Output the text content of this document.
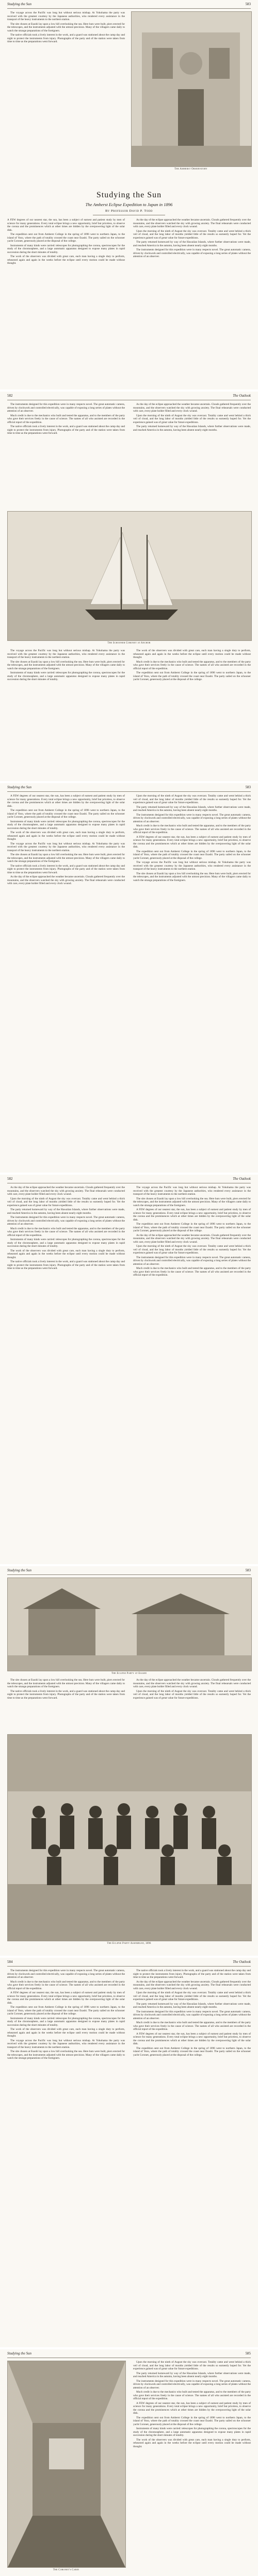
Studying the Sun	583

The voyage across the Pacific was long but without serious mishap. At Yokohama the party was received with the greatest courtesy by the Japanese authorities, who rendered every assistance in the transport of the heavy instruments to the northern station.

The site chosen at Esashi lay upon a low hill overlooking the sea. Here huts were built, piers erected for the telescopes, and the instruments adjusted with the utmost precision. Many of the villagers came daily to watch the strange preparations of the foreigners.

The native officials took a lively interest in the work, and a guard was stationed about the camp day and night to protect the instruments from injury. Photographs of the party and of the station were taken from time to time as the preparations went forward.

The Amherst Observatory
Studying the Sun
The Amherst Eclipse Expedition to Japan in 1896
By Professor David P. Todd

A FEW degrees of our nearest star, the sun, has been a subject of earnest and patient study by men of science for many generations. Every total eclipse brings a new opportunity, brief but priceless, to observe the corona and the prominences which at other times are hidden by the overpowering light of the solar disk.

The expedition sent out from Amherst College in the spring of 1896 went to northern Japan, to the island of Yezo, where the path of totality crossed the coast near Esashi. The party sailed on the schooner yacht Coronet, generously placed at the disposal of the college.

Instruments of many kinds were carried: telescopes for photographing the corona, spectroscopes for the study of the chromosphere, and a large automatic apparatus designed to expose many plates in rapid succession during the short minutes of totality.

The work of the observers was divided with great care, each man having a single duty to perform, rehearsed again and again in the weeks before the eclipse until every motion could be made without thought.

As the day of the eclipse approached the weather became uncertain. Clouds gathered frequently over the mountains, and the observers watched the sky with growing anxiety. The final rehearsals were conducted with care, every plate holder filled and every clock wound.

Upon the morning of the ninth of August the sky was overcast. Totality came and went behind a thick veil of cloud, and the long labor of months yielded little of the results so earnestly hoped for. Yet the experience gained was of great value for future expeditions.

The party returned homeward by way of the Hawaiian Islands, where further observations were made, and reached America in the autumn, having been absent nearly eight months.

The instruments designed for this expedition were in many respects novel. The great automatic camera, driven by clockwork and controlled electrically, was capable of exposing a long series of plates without the attention of an observer.

582	The Outlook

The instruments designed for this expedition were in many respects novel. The great automatic camera, driven by clockwork and controlled electrically, was capable of exposing a long series of plates without the attention of an observer.

Much credit is due to the mechanics who built and tested the apparatus, and to the members of the party who gave their services freely in the cause of science. The names of all who assisted are recorded in the official report of the expedition.

The native officials took a lively interest in the work, and a guard was stationed about the camp day and night to protect the instruments from injury. Photographs of the party and of the station were taken from time to time as the preparations went forward.

As the day of the eclipse approached the weather became uncertain. Clouds gathered frequently over the mountains, and the observers watched the sky with growing anxiety. The final rehearsals were conducted with care, every plate holder filled and every clock wound.

Upon the morning of the ninth of August the sky was overcast. Totality came and went behind a thick veil of cloud, and the long labor of months yielded little of the results so earnestly hoped for. Yet the experience gained was of great value for future expeditions.

The party returned homeward by way of the Hawaiian Islands, where further observations were made, and reached America in the autumn, having been absent nearly eight months.

The Schooner Coronet at Anchor

The voyage across the Pacific was long but without serious mishap. At Yokohama the party was received with the greatest courtesy by the Japanese authorities, who rendered every assistance in the transport of the heavy instruments to the northern station.

The site chosen at Esashi lay upon a low hill overlooking the sea. Here huts were built, piers erected for the telescopes, and the instruments adjusted with the utmost precision. Many of the villagers came daily to watch the strange preparations of the foreigners.

Instruments of many kinds were carried: telescopes for photographing the corona, spectroscopes for the study of the chromosphere, and a large automatic apparatus designed to expose many plates in rapid succession during the short minutes of totality.

The work of the observers was divided with great care, each man having a single duty to perform, rehearsed again and again in the weeks before the eclipse until every motion could be made without thought.

Much credit is due to the mechanics who built and tested the apparatus, and to the members of the party who gave their services freely in the cause of science. The names of all who assisted are recorded in the official report of the expedition.

The expedition sent out from Amherst College in the spring of 1896 went to northern Japan, to the island of Yezo, where the path of totality crossed the coast near Esashi. The party sailed on the schooner yacht Coronet, generously placed at the disposal of the college.

Studying the Sun	583

A FEW degrees of our nearest star, the sun, has been a subject of earnest and patient study by men of science for many generations. Every total eclipse brings a new opportunity, brief but priceless, to observe the corona and the prominences which at other times are hidden by the overpowering light of the solar disk.

The expedition sent out from Amherst College in the spring of 1896 went to northern Japan, to the island of Yezo, where the path of totality crossed the coast near Esashi. The party sailed on the schooner yacht Coronet, generously placed at the disposal of the college.

Instruments of many kinds were carried: telescopes for photographing the corona, spectroscopes for the study of the chromosphere, and a large automatic apparatus designed to expose many plates in rapid succession during the short minutes of totality.

The work of the observers was divided with great care, each man having a single duty to perform, rehearsed again and again in the weeks before the eclipse until every motion could be made without thought.

The voyage across the Pacific was long but without serious mishap. At Yokohama the party was received with the greatest courtesy by the Japanese authorities, who rendered every assistance in the transport of the heavy instruments to the northern station.

The site chosen at Esashi lay upon a low hill overlooking the sea. Here huts were built, piers erected for the telescopes, and the instruments adjusted with the utmost precision. Many of the villagers came daily to watch the strange preparations of the foreigners.

The native officials took a lively interest in the work, and a guard was stationed about the camp day and night to protect the instruments from injury. Photographs of the party and of the station were taken from time to time as the preparations went forward.

As the day of the eclipse approached the weather became uncertain. Clouds gathered frequently over the mountains, and the observers watched the sky with growing anxiety. The final rehearsals were conducted with care, every plate holder filled and every clock wound.

Upon the morning of the ninth of August the sky was overcast. Totality came and went behind a thick veil of cloud, and the long labor of months yielded little of the results so earnestly hoped for. Yet the experience gained was of great value for future expeditions.

The party returned homeward by way of the Hawaiian Islands, where further observations were made, and reached America in the autumn, having been absent nearly eight months.

The instruments designed for this expedition were in many respects novel. The great automatic camera, driven by clockwork and controlled electrically, was capable of exposing a long series of plates without the attention of an observer.

Much credit is due to the mechanics who built and tested the apparatus, and to the members of the party who gave their services freely in the cause of science. The names of all who assisted are recorded in the official report of the expedition.

A FEW degrees of our nearest star, the sun, has been a subject of earnest and patient study by men of science for many generations. Every total eclipse brings a new opportunity, brief but priceless, to observe the corona and the prominences which at other times are hidden by the overpowering light of the solar disk.

The expedition sent out from Amherst College in the spring of 1896 went to northern Japan, to the island of Yezo, where the path of totality crossed the coast near Esashi. The party sailed on the schooner yacht Coronet, generously placed at the disposal of the college.

The voyage across the Pacific was long but without serious mishap. At Yokohama the party was received with the greatest courtesy by the Japanese authorities, who rendered every assistance in the transport of the heavy instruments to the northern station.

The site chosen at Esashi lay upon a low hill overlooking the sea. Here huts were built, piers erected for the telescopes, and the instruments adjusted with the utmost precision. Many of the villagers came daily to watch the strange preparations of the foreigners.

582	The Outlook

As the day of the eclipse approached the weather became uncertain. Clouds gathered frequently over the mountains, and the observers watched the sky with growing anxiety. The final rehearsals were conducted with care, every plate holder filled and every clock wound.

Upon the morning of the ninth of August the sky was overcast. Totality came and went behind a thick veil of cloud, and the long labor of months yielded little of the results so earnestly hoped for. Yet the experience gained was of great value for future expeditions.

The party returned homeward by way of the Hawaiian Islands, where further observations were made, and reached America in the autumn, having been absent nearly eight months.

The instruments designed for this expedition were in many respects novel. The great automatic camera, driven by clockwork and controlled electrically, was capable of exposing a long series of plates without the attention of an observer.

Much credit is due to the mechanics who built and tested the apparatus, and to the members of the party who gave their services freely in the cause of science. The names of all who assisted are recorded in the official report of the expedition.

Instruments of many kinds were carried: telescopes for photographing the corona, spectroscopes for the study of the chromosphere, and a large automatic apparatus designed to expose many plates in rapid succession during the short minutes of totality.

The work of the observers was divided with great care, each man having a single duty to perform, rehearsed again and again in the weeks before the eclipse until every motion could be made without thought.

The native officials took a lively interest in the work, and a guard was stationed about the camp day and night to protect the instruments from injury. Photographs of the party and of the station were taken from time to time as the preparations went forward.

The voyage across the Pacific was long but without serious mishap. At Yokohama the party was received with the greatest courtesy by the Japanese authorities, who rendered every assistance in the transport of the heavy instruments to the northern station.

The site chosen at Esashi lay upon a low hill overlooking the sea. Here huts were built, piers erected for the telescopes, and the instruments adjusted with the utmost precision. Many of the villagers came daily to watch the strange preparations of the foreigners.

A FEW degrees of our nearest star, the sun, has been a subject of earnest and patient study by men of science for many generations. Every total eclipse brings a new opportunity, brief but priceless, to observe the corona and the prominences which at other times are hidden by the overpowering light of the solar disk.

The expedition sent out from Amherst College in the spring of 1896 went to northern Japan, to the island of Yezo, where the path of totality crossed the coast near Esashi. The party sailed on the schooner yacht Coronet, generously placed at the disposal of the college.

As the day of the eclipse approached the weather became uncertain. Clouds gathered frequently over the mountains, and the observers watched the sky with growing anxiety. The final rehearsals were conducted with care, every plate holder filled and every clock wound.

Upon the morning of the ninth of August the sky was overcast. Totality came and went behind a thick veil of cloud, and the long labor of months yielded little of the results so earnestly hoped for. Yet the experience gained was of great value for future expeditions.

The instruments designed for this expedition were in many respects novel. The great automatic camera, driven by clockwork and controlled electrically, was capable of exposing a long series of plates without the attention of an observer.

Much credit is due to the mechanics who built and tested the apparatus, and to the members of the party who gave their services freely in the cause of science. The names of all who assisted are recorded in the official report of the expedition.

Studying the Sun	583
The Eclipse Party at Esashi

The site chosen at Esashi lay upon a low hill overlooking the sea. Here huts were built, piers erected for the telescopes, and the instruments adjusted with the utmost precision. Many of the villagers came daily to watch the strange preparations of the foreigners.

The native officials took a lively interest in the work, and a guard was stationed about the camp day and night to protect the instruments from injury. Photographs of the party and of the station were taken from time to time as the preparations went forward.

As the day of the eclipse approached the weather became uncertain. Clouds gathered frequently over the mountains, and the observers watched the sky with growing anxiety. The final rehearsals were conducted with care, every plate holder filled and every clock wound.

Upon the morning of the ninth of August the sky was overcast. Totality came and went behind a thick veil of cloud, and the long labor of months yielded little of the results so earnestly hoped for. Yet the experience gained was of great value for future expeditions.

The Eclipse Party Assembled, 1896
584	The Outlook

The instruments designed for this expedition were in many respects novel. The great automatic camera, driven by clockwork and controlled electrically, was capable of exposing a long series of plates without the attention of an observer.

Much credit is due to the mechanics who built and tested the apparatus, and to the members of the party who gave their services freely in the cause of science. The names of all who assisted are recorded in the official report of the expedition.

A FEW degrees of our nearest star, the sun, has been a subject of earnest and patient study by men of science for many generations. Every total eclipse brings a new opportunity, brief but priceless, to observe the corona and the prominences which at other times are hidden by the overpowering light of the solar disk.

The expedition sent out from Amherst College in the spring of 1896 went to northern Japan, to the island of Yezo, where the path of totality crossed the coast near Esashi. The party sailed on the schooner yacht Coronet, generously placed at the disposal of the college.

Instruments of many kinds were carried: telescopes for photographing the corona, spectroscopes for the study of the chromosphere, and a large automatic apparatus designed to expose many plates in rapid succession during the short minutes of totality.

The work of the observers was divided with great care, each man having a single duty to perform, rehearsed again and again in the weeks before the eclipse until every motion could be made without thought.

The voyage across the Pacific was long but without serious mishap. At Yokohama the party was received with the greatest courtesy by the Japanese authorities, who rendered every assistance in the transport of the heavy instruments to the northern station.

The site chosen at Esashi lay upon a low hill overlooking the sea. Here huts were built, piers erected for the telescopes, and the instruments adjusted with the utmost precision. Many of the villagers came daily to watch the strange preparations of the foreigners.

The native officials took a lively interest in the work, and a guard was stationed about the camp day and night to protect the instruments from injury. Photographs of the party and of the station were taken from time to time as the preparations went forward.

As the day of the eclipse approached the weather became uncertain. Clouds gathered frequently over the mountains, and the observers watched the sky with growing anxiety. The final rehearsals were conducted with care, every plate holder filled and every clock wound.

Upon the morning of the ninth of August the sky was overcast. Totality came and went behind a thick veil of cloud, and the long labor of months yielded little of the results so earnestly hoped for. Yet the experience gained was of great value for future expeditions.

The party returned homeward by way of the Hawaiian Islands, where further observations were made, and reached America in the autumn, having been absent nearly eight months.

The instruments designed for this expedition were in many respects novel. The great automatic camera, driven by clockwork and controlled electrically, was capable of exposing a long series of plates without the attention of an observer.

Much credit is due to the mechanics who built and tested the apparatus, and to the members of the party who gave their services freely in the cause of science. The names of all who assisted are recorded in the official report of the expedition.

A FEW degrees of our nearest star, the sun, has been a subject of earnest and patient study by men of science for many generations. Every total eclipse brings a new opportunity, brief but priceless, to observe the corona and the prominences which at other times are hidden by the overpowering light of the solar disk.

The expedition sent out from Amherst College in the spring of 1896 went to northern Japan, to the island of Yezo, where the path of totality crossed the coast near Esashi. The party sailed on the schooner yacht Coronet, generously placed at the disposal of the college.

Studying the Sun	585
The Coronet's Cabin

Upon the morning of the ninth of August the sky was overcast. Totality came and went behind a thick veil of cloud, and the long labor of months yielded little of the results so earnestly hoped for. Yet the experience gained was of great value for future expeditions.

The party returned homeward by way of the Hawaiian Islands, where further observations were made, and reached America in the autumn, having been absent nearly eight months.

The instruments designed for this expedition were in many respects novel. The great automatic camera, driven by clockwork and controlled electrically, was capable of exposing a long series of plates without the attention of an observer.

Much credit is due to the mechanics who built and tested the apparatus, and to the members of the party who gave their services freely in the cause of science. The names of all who assisted are recorded in the official report of the expedition.

A FEW degrees of our nearest star, the sun, has been a subject of earnest and patient study by men of science for many generations. Every total eclipse brings a new opportunity, brief but priceless, to observe the corona and the prominences which at other times are hidden by the overpowering light of the solar disk.

The expedition sent out from Amherst College in the spring of 1896 went to northern Japan, to the island of Yezo, where the path of totality crossed the coast near Esashi. The party sailed on the schooner yacht Coronet, generously placed at the disposal of the college.

Instruments of many kinds were carried: telescopes for photographing the corona, spectroscopes for the study of the chromosphere, and a large automatic apparatus designed to expose many plates in rapid succession during the short minutes of totality.

The work of the observers was divided with great care, each man having a single duty to perform, rehearsed again and again in the weeks before the eclipse until every motion could be made without thought.
